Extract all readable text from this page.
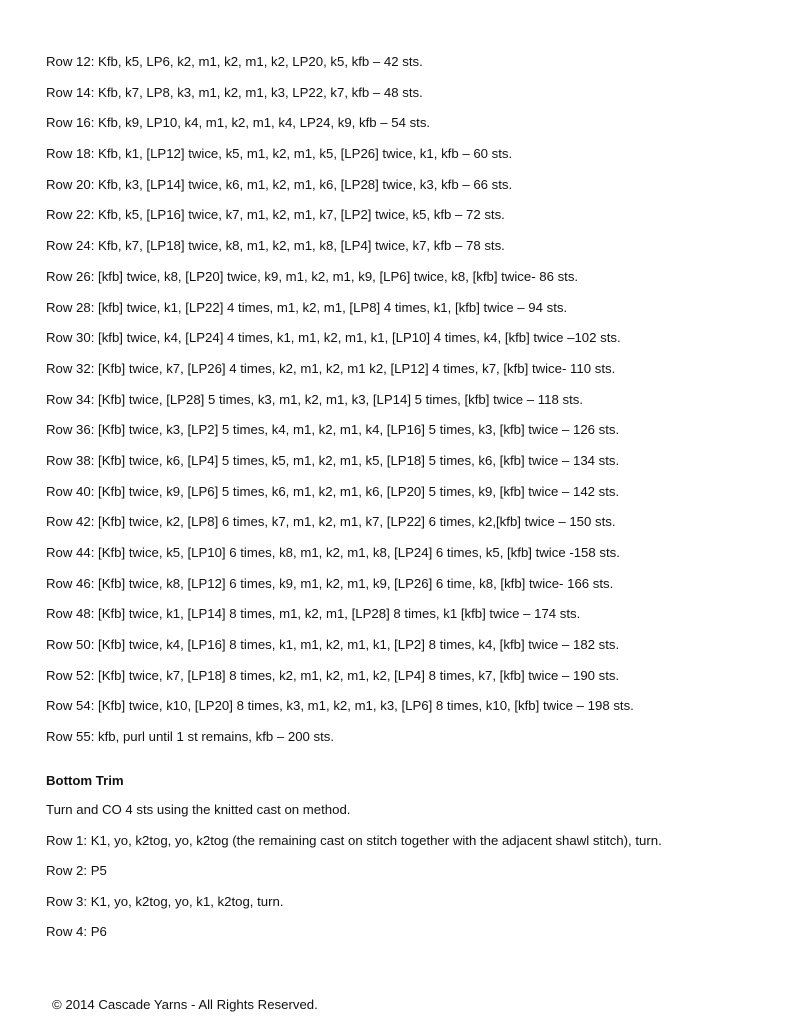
Row 12: Kfb, k5, LP6, k2, m1, k2, m1, k2, LP20, k5, kfb – 42 sts.
Row 14: Kfb, k7, LP8, k3, m1, k2, m1, k3, LP22, k7, kfb – 48 sts.
Row 16: Kfb, k9, LP10, k4, m1, k2, m1, k4, LP24, k9, kfb – 54 sts.
Row 18: Kfb, k1, [LP12] twice, k5, m1, k2, m1, k5, [LP26] twice, k1, kfb – 60 sts.
Row 20: Kfb, k3, [LP14] twice, k6, m1, k2, m1, k6, [LP28] twice, k3, kfb – 66 sts.
Row 22: Kfb, k5, [LP16] twice, k7, m1, k2, m1, k7, [LP2] twice, k5, kfb – 72 sts.
Row 24: Kfb, k7, [LP18] twice, k8, m1, k2, m1, k8, [LP4] twice, k7, kfb – 78 sts.
Row 26: [kfb] twice, k8, [LP20] twice, k9, m1, k2, m1, k9, [LP6] twice, k8, [kfb] twice- 86 sts.
Row 28: [kfb] twice, k1, [LP22] 4 times, m1, k2, m1, [LP8] 4 times, k1, [kfb] twice – 94 sts.
Row 30: [kfb] twice, k4, [LP24] 4 times, k1, m1, k2, m1, k1, [LP10] 4 times, k4, [kfb] twice –102 sts.
Row 32: [Kfb] twice, k7, [LP26] 4 times, k2, m1, k2, m1 k2, [LP12] 4 times, k7, [kfb] twice- 110 sts.
Row 34: [Kfb] twice, [LP28] 5 times, k3, m1, k2, m1, k3, [LP14] 5 times, [kfb] twice – 118 sts.
Row 36: [Kfb] twice, k3, [LP2] 5 times, k4, m1, k2, m1, k4, [LP16] 5 times, k3, [kfb] twice – 126 sts.
Row 38: [Kfb] twice, k6, [LP4] 5 times, k5, m1, k2, m1, k5, [LP18] 5 times, k6, [kfb] twice – 134 sts.
Row 40: [Kfb] twice, k9, [LP6] 5 times, k6, m1, k2, m1, k6, [LP20] 5 times, k9, [kfb] twice – 142 sts.
Row 42: [Kfb] twice, k2, [LP8] 6 times, k7, m1, k2, m1, k7, [LP22] 6 times, k2,[kfb] twice – 150 sts.
Row 44: [Kfb] twice, k5, [LP10] 6 times, k8, m1, k2, m1, k8, [LP24] 6 times, k5, [kfb] twice -158 sts.
Row 46: [Kfb] twice, k8, [LP12] 6 times, k9, m1, k2, m1, k9, [LP26] 6 time, k8, [kfb] twice- 166 sts.
Row 48: [Kfb] twice, k1, [LP14] 8 times, m1, k2, m1, [LP28] 8 times, k1 [kfb] twice – 174 sts.
Row 50: [Kfb] twice, k4, [LP16] 8 times, k1, m1, k2, m1, k1, [LP2] 8 times, k4, [kfb] twice – 182 sts.
Row 52: [Kfb] twice, k7, [LP18] 8 times, k2, m1, k2, m1, k2, [LP4] 8 times, k7, [kfb] twice – 190 sts.
Row 54: [Kfb] twice, k10, [LP20] 8 times, k3, m1, k2, m1, k3, [LP6] 8 times, k10, [kfb] twice – 198 sts.
Row 55: kfb, purl until 1 st remains, kfb – 200 sts.
Bottom Trim
Turn and CO 4 sts using the knitted cast on method.
Row 1: K1, yo, k2tog, yo, k2tog (the remaining cast on stitch together with the adjacent shawl stitch), turn.
Row 2: P5
Row 3: K1, yo, k2tog, yo, k1, k2tog, turn.
Row 4: P6
© 2014 Cascade Yarns - All Rights Reserved.
